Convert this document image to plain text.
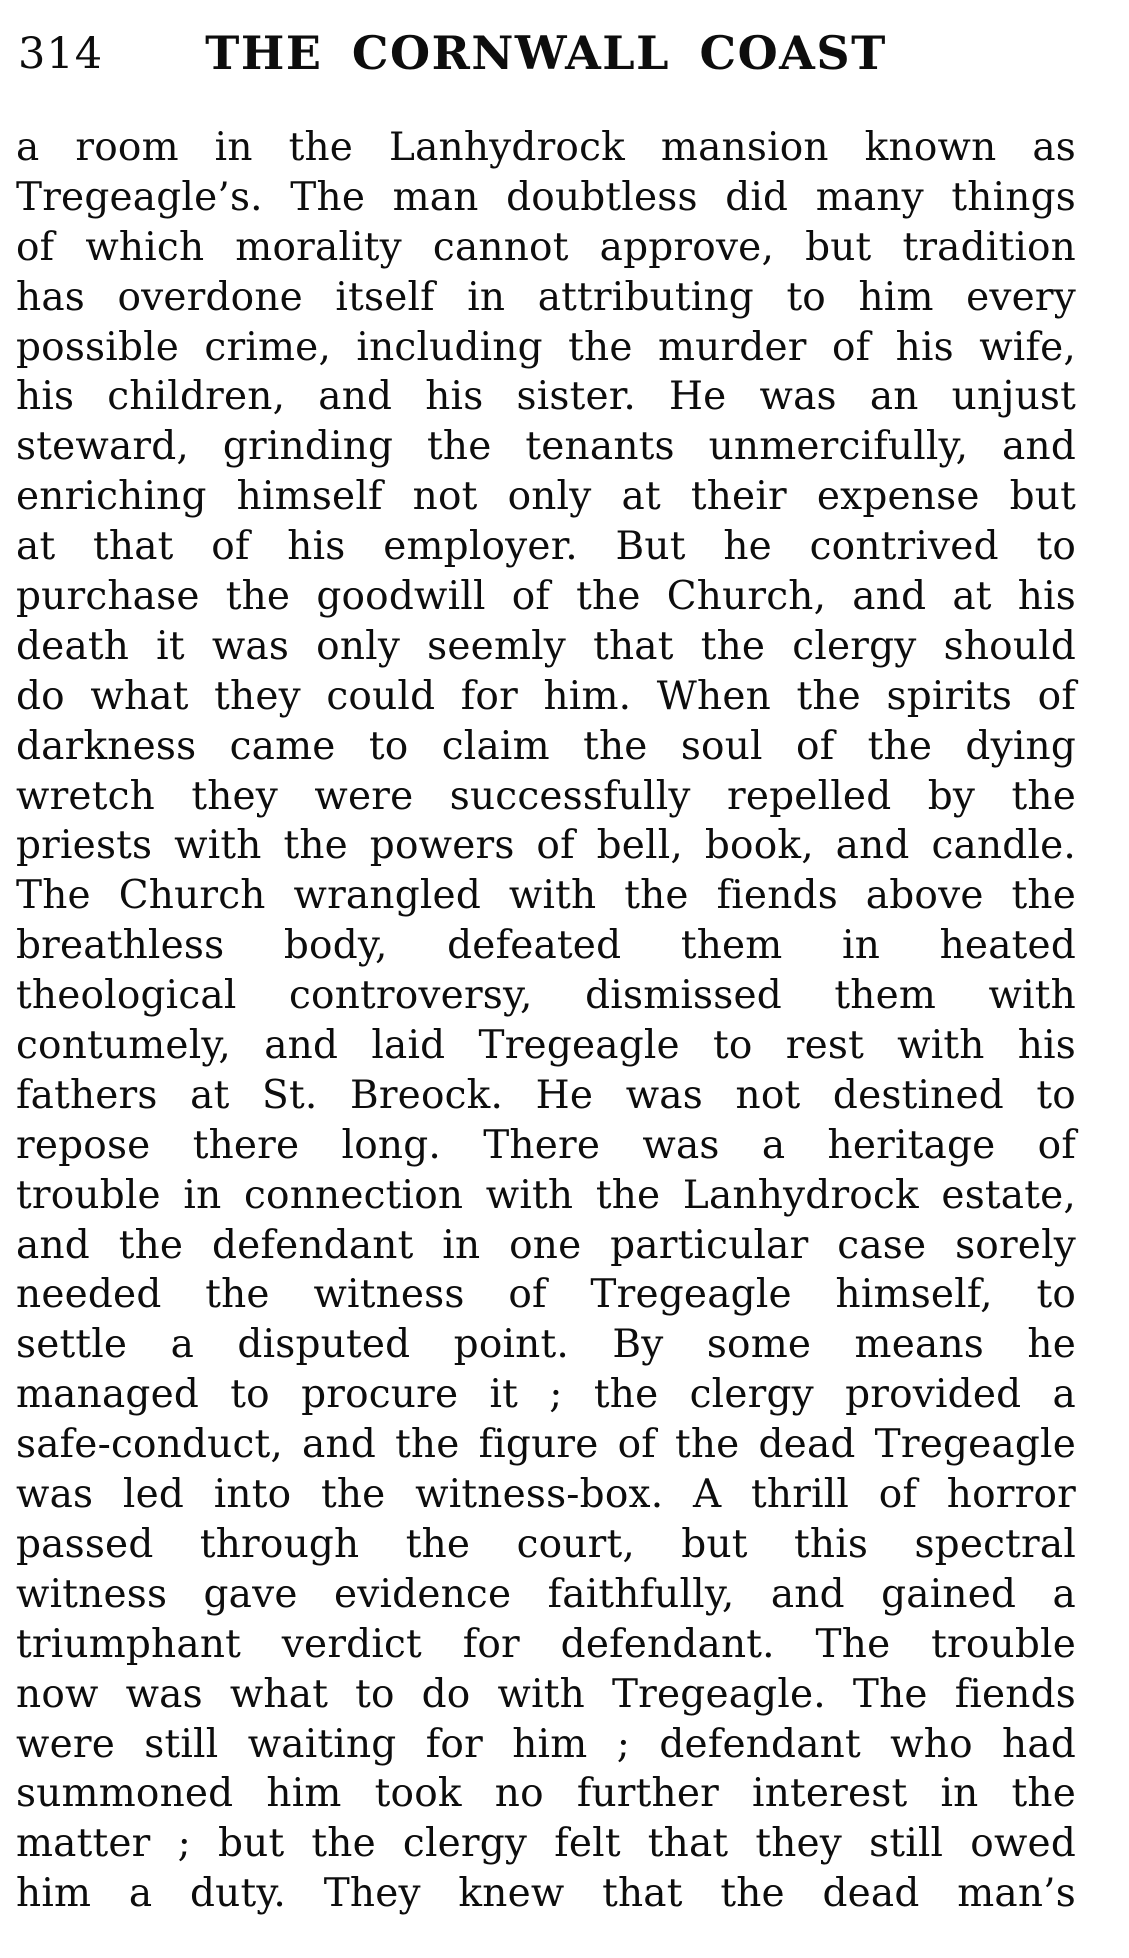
314	THE CORNWALL COAST
a room in the Lanhydrock mansion known as
Tregeagle’s. The man doubtless did many things
of which morality cannot approve, but tradition
has overdone itself in attributing to him every
possible crime, including the murder of his wife,
his children, and his sister. He was an unjust
steward, grinding the tenants unmercifully, and
enriching himself not only at their expense but
at that of his employer. But he contrived to
purchase the goodwill of the Church, and at his
death it was only seemly that the clergy should
do what they could for him. When the spirits of
darkness came to claim the soul of the dying
wretch they were successfully repelled by the
priests with the powers of bell, book, and candle.
The Church wrangled with the fiends above the
breathless body, defeated them in heated
theological controversy, dismissed them with
contumely, and laid Tregeagle to rest with his
fathers at St. Breock. He was not destined to
repose there long. There was a heritage of
trouble in connection with the Lanhydrock estate,
and the defendant in one particular case sorely
needed the witness of Tregeagle himself, to
settle a disputed point. By some means he
managed to procure it ; the clergy provided a
safe-conduct, and the figure of the dead Tregeagle
was led into the witness-box. A thrill of horror
passed through the court, but this spectral
witness gave evidence faithfully, and gained a
triumphant verdict for defendant. The trouble
now was what to do with Tregeagle. The fiends
were still waiting for him ; defendant who had
summoned him took no further interest in the
matter ; but the clergy felt that they still owed
him a duty. They knew that the dead man’s
